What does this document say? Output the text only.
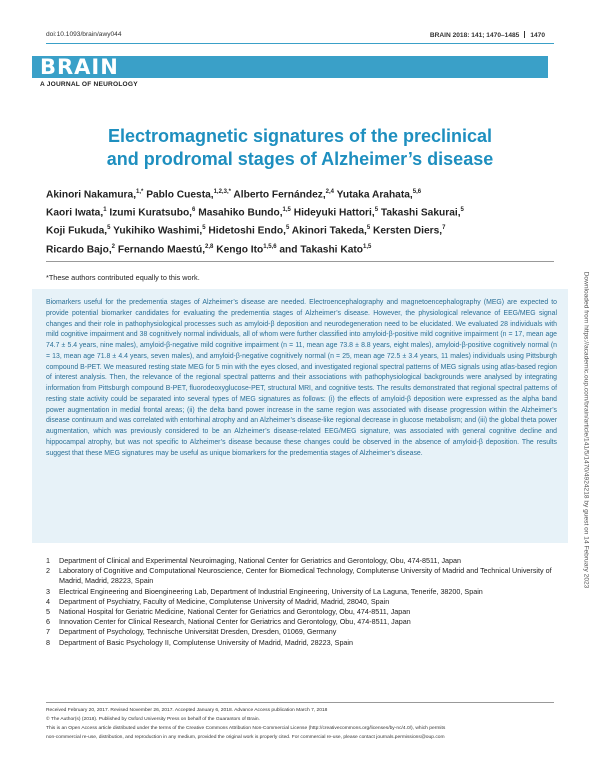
doi:10.1093/brain/awy044	BRAIN 2018: 141; 1470–1485 1470
BRAIN
A JOURNAL OF NEUROLOGY
Electromagnetic signatures of the preclinical
and prodromal stages of Alzheimer’s disease
Akinori Nakamura,$^{1,*}$ Pablo Cuesta,$^{1,2,3,*}$ Alberto Fernández,$^{2,4}$ Yutaka Arahata,$^{5,6}$
Kaori Iwata,$^1$ Izumi Kuratsubo,$^6$ Masahiko Bundo,$^{1,5}$ Hideyuki Hattori,$^5$ Takashi Sakurai,$^5$
Koji Fukuda,$^5$ Yukihiko Washimi,$^5$ Hidetoshi Endo,$^5$ Akinori Takeda,$^5$ Kersten Diers,$^7$
Ricardo Bajo,$^2$ Fernando Maestú,$^{2,8}$ Kengo Ito$^{1,5,6}$ and Takashi Kato$^{1,5}$
*These authors contributed equally to this work.
Biomarkers useful for the predementia stages of Alzheimer’s disease are needed. Electroencephalography and magnetoencephalography (MEG) are expected to provide potential biomarker candidates for evaluating the predementia stages of Alzheimer’s disease. However, the physiological relevance of EEG/MEG signal changes and their role in pathophysiological processes such as amyloid-β deposition and neurodegeneration need to be elucidated. We evaluated 28 individuals with mild cognitive impairment and 38 cognitively normal individuals, all of whom were further classified into amyloid-β-positive mild cognitive impairment (n = 17, mean age 74.7 ± 5.4 years, nine males), amyloid-β-negative mild cognitive impairment (n = 11, mean age 73.8 ± 8.8 years, eight males), amyloid-β-positive cognitively normal (n = 13, mean age 71.8 ± 4.4 years, seven males), and amyloid-β-negative cognitively normal (n = 25, mean age 72.5 ± 3.4 years, 11 males) individuals using Pittsburgh compound B-PET. We measured resting state MEG for 5 min with the eyes closed, and investigated regional spectral patterns of MEG signals using atlas-based region of interest analysis. Then, the relevance of the regional spectral patterns and their associations with pathophysiological backgrounds were analysed by integrating information from Pittsburgh compound B-PET, fluorodeoxyglucose-PET, structural MRI, and cognitive tests. The results demonstrated that regional spectral patterns of resting state activity could be separated into several types of MEG signatures as follows: (i) the effects of amyloid-β deposition were expressed as the alpha band power augmentation in medial frontal areas; (ii) the delta band power increase in the same region was associated with disease progression within the Alzheimer’s disease continuum and was correlated with entorhinal atrophy and an Alzheimer’s disease-like regional decrease in glucose metabolism; and (iii) the global theta power augmentation, which was previously considered to be an Alzheimer’s disease-related EEG/MEG signature, was associated with general cognitive decline and hippocampal atrophy, but was not specific to Alzheimer’s disease because these changes could be observed in the absence of amyloid-β deposition. The results suggest that these MEG signatures may be useful as unique biomarkers for the predementia stages of Alzheimer’s disease.
1	Department of Clinical and Experimental Neuroimaging, National Center for Geriatrics and Gerontology, Obu, 474-8511, Japan
2	Laboratory of Cognitive and Computational Neuroscience, Center for Biomedical Technology, Complutense University of Madrid and Technical University of Madrid, Madrid, 28223, Spain
3	Electrical Engineering and Bioengineering Lab, Department of Industrial Engineering, University of La Laguna, Tenerife, 38200, Spain
4	Department of Psychiatry, Faculty of Medicine, Complutense University of Madrid, Madrid, 28040, Spain
5	National Hospital for Geriatric Medicine, National Center for Geriatrics and Gerontology, Obu, 474-8511, Japan
6	Innovation Center for Clinical Research, National Center for Geriatrics and Gerontology, Obu, 474-8511, Japan
7	Department of Psychology, Technische Universität Dresden, Dresden, 01069, Germany
8	Department of Basic Psychology II, Complutense University of Madrid, Madrid, 28223, Spain
Received February 20, 2017. Revised November 26, 2017. Accepted January 6, 2018. Advance Access publication March 7, 2018
© The Author(s) (2018). Published by Oxford University Press on behalf of the Guarantors of Brain.
This is an Open Access article distributed under the terms of the Creative Commons Attribution Non-Commercial License (http://creativecommons.org/licenses/by-nc/4.0/), which permits
non-commercial re-use, distribution, and reproduction in any medium, provided the original work is properly cited. For commercial re-use, please contact journals.permissions@oup.com
Downloaded from https://academic.oup.com/brain/article/141/5/1470/4924218 by guest on 14 February 2023
